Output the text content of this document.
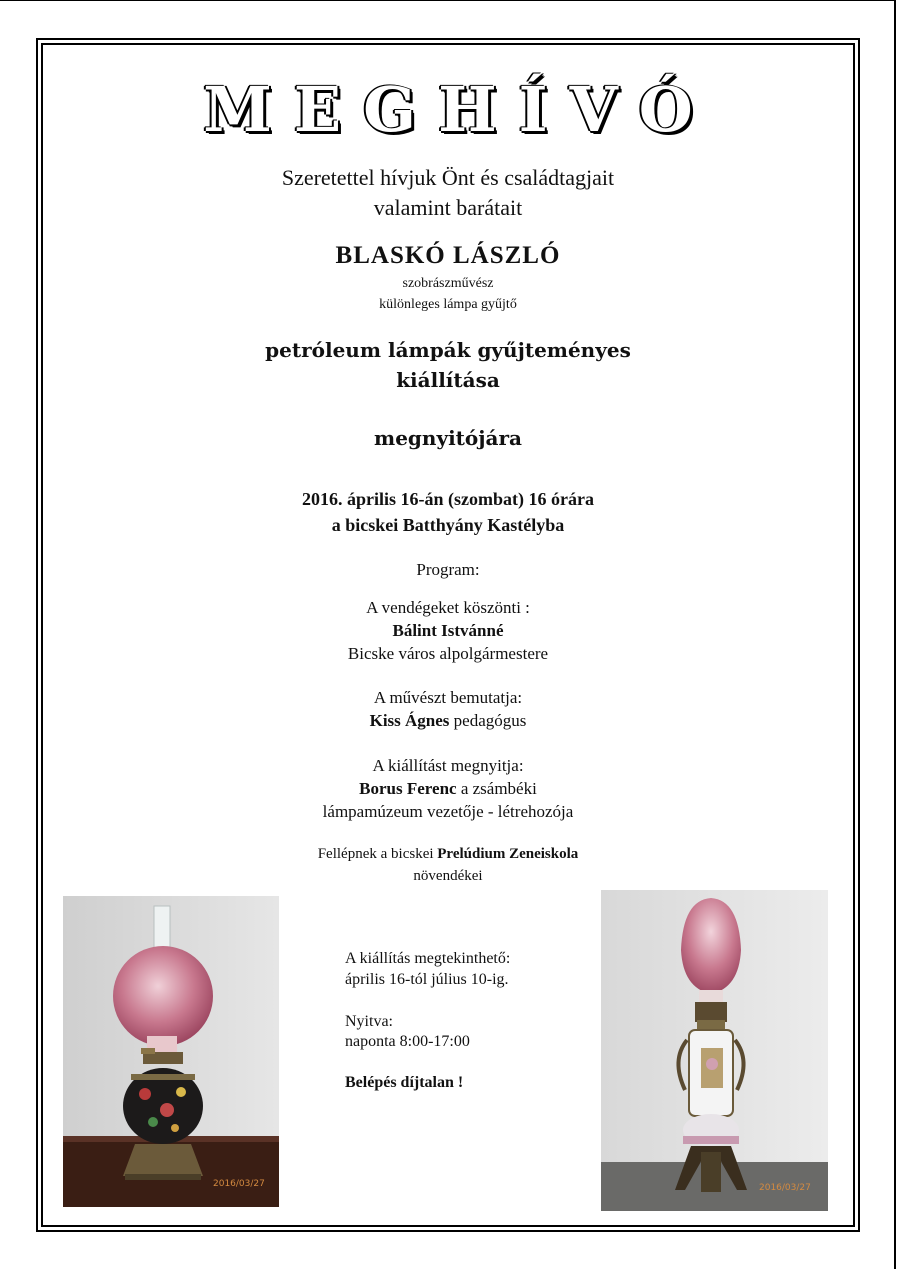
MEGHÍVÓ
Szeretettel hívjuk Önt és családtagjait
valamint barátait
BLASKÓ LÁSZLÓ
szobrászművész
különleges lámpa gyűjtő
petróleum lámpák gyűjteményes
kiállítása
megnyitójára
2016. április 16-án (szombat) 16 órára
a bicskei Batthyány Kastélyba
Program:
A vendégeket köszönti :
Bálint Istvánné
Bicske város alpolgármestere
A művészt bemutatja:
Kiss Ágnes pedagógus
A kiállítást megnyitja:
Borus Ferenc a zsámbéki
lámpamúzeum vezetője - létrehozója
Fellépnek a bicskei Prelúdium Zeneiskola
növendékei
A kiállítás megtekinthető:
április 16-tól július 10-ig.
Nyitva:
naponta 8:00-17:00
Belépés díjtalan !
2016/03/27	2016/03/27
